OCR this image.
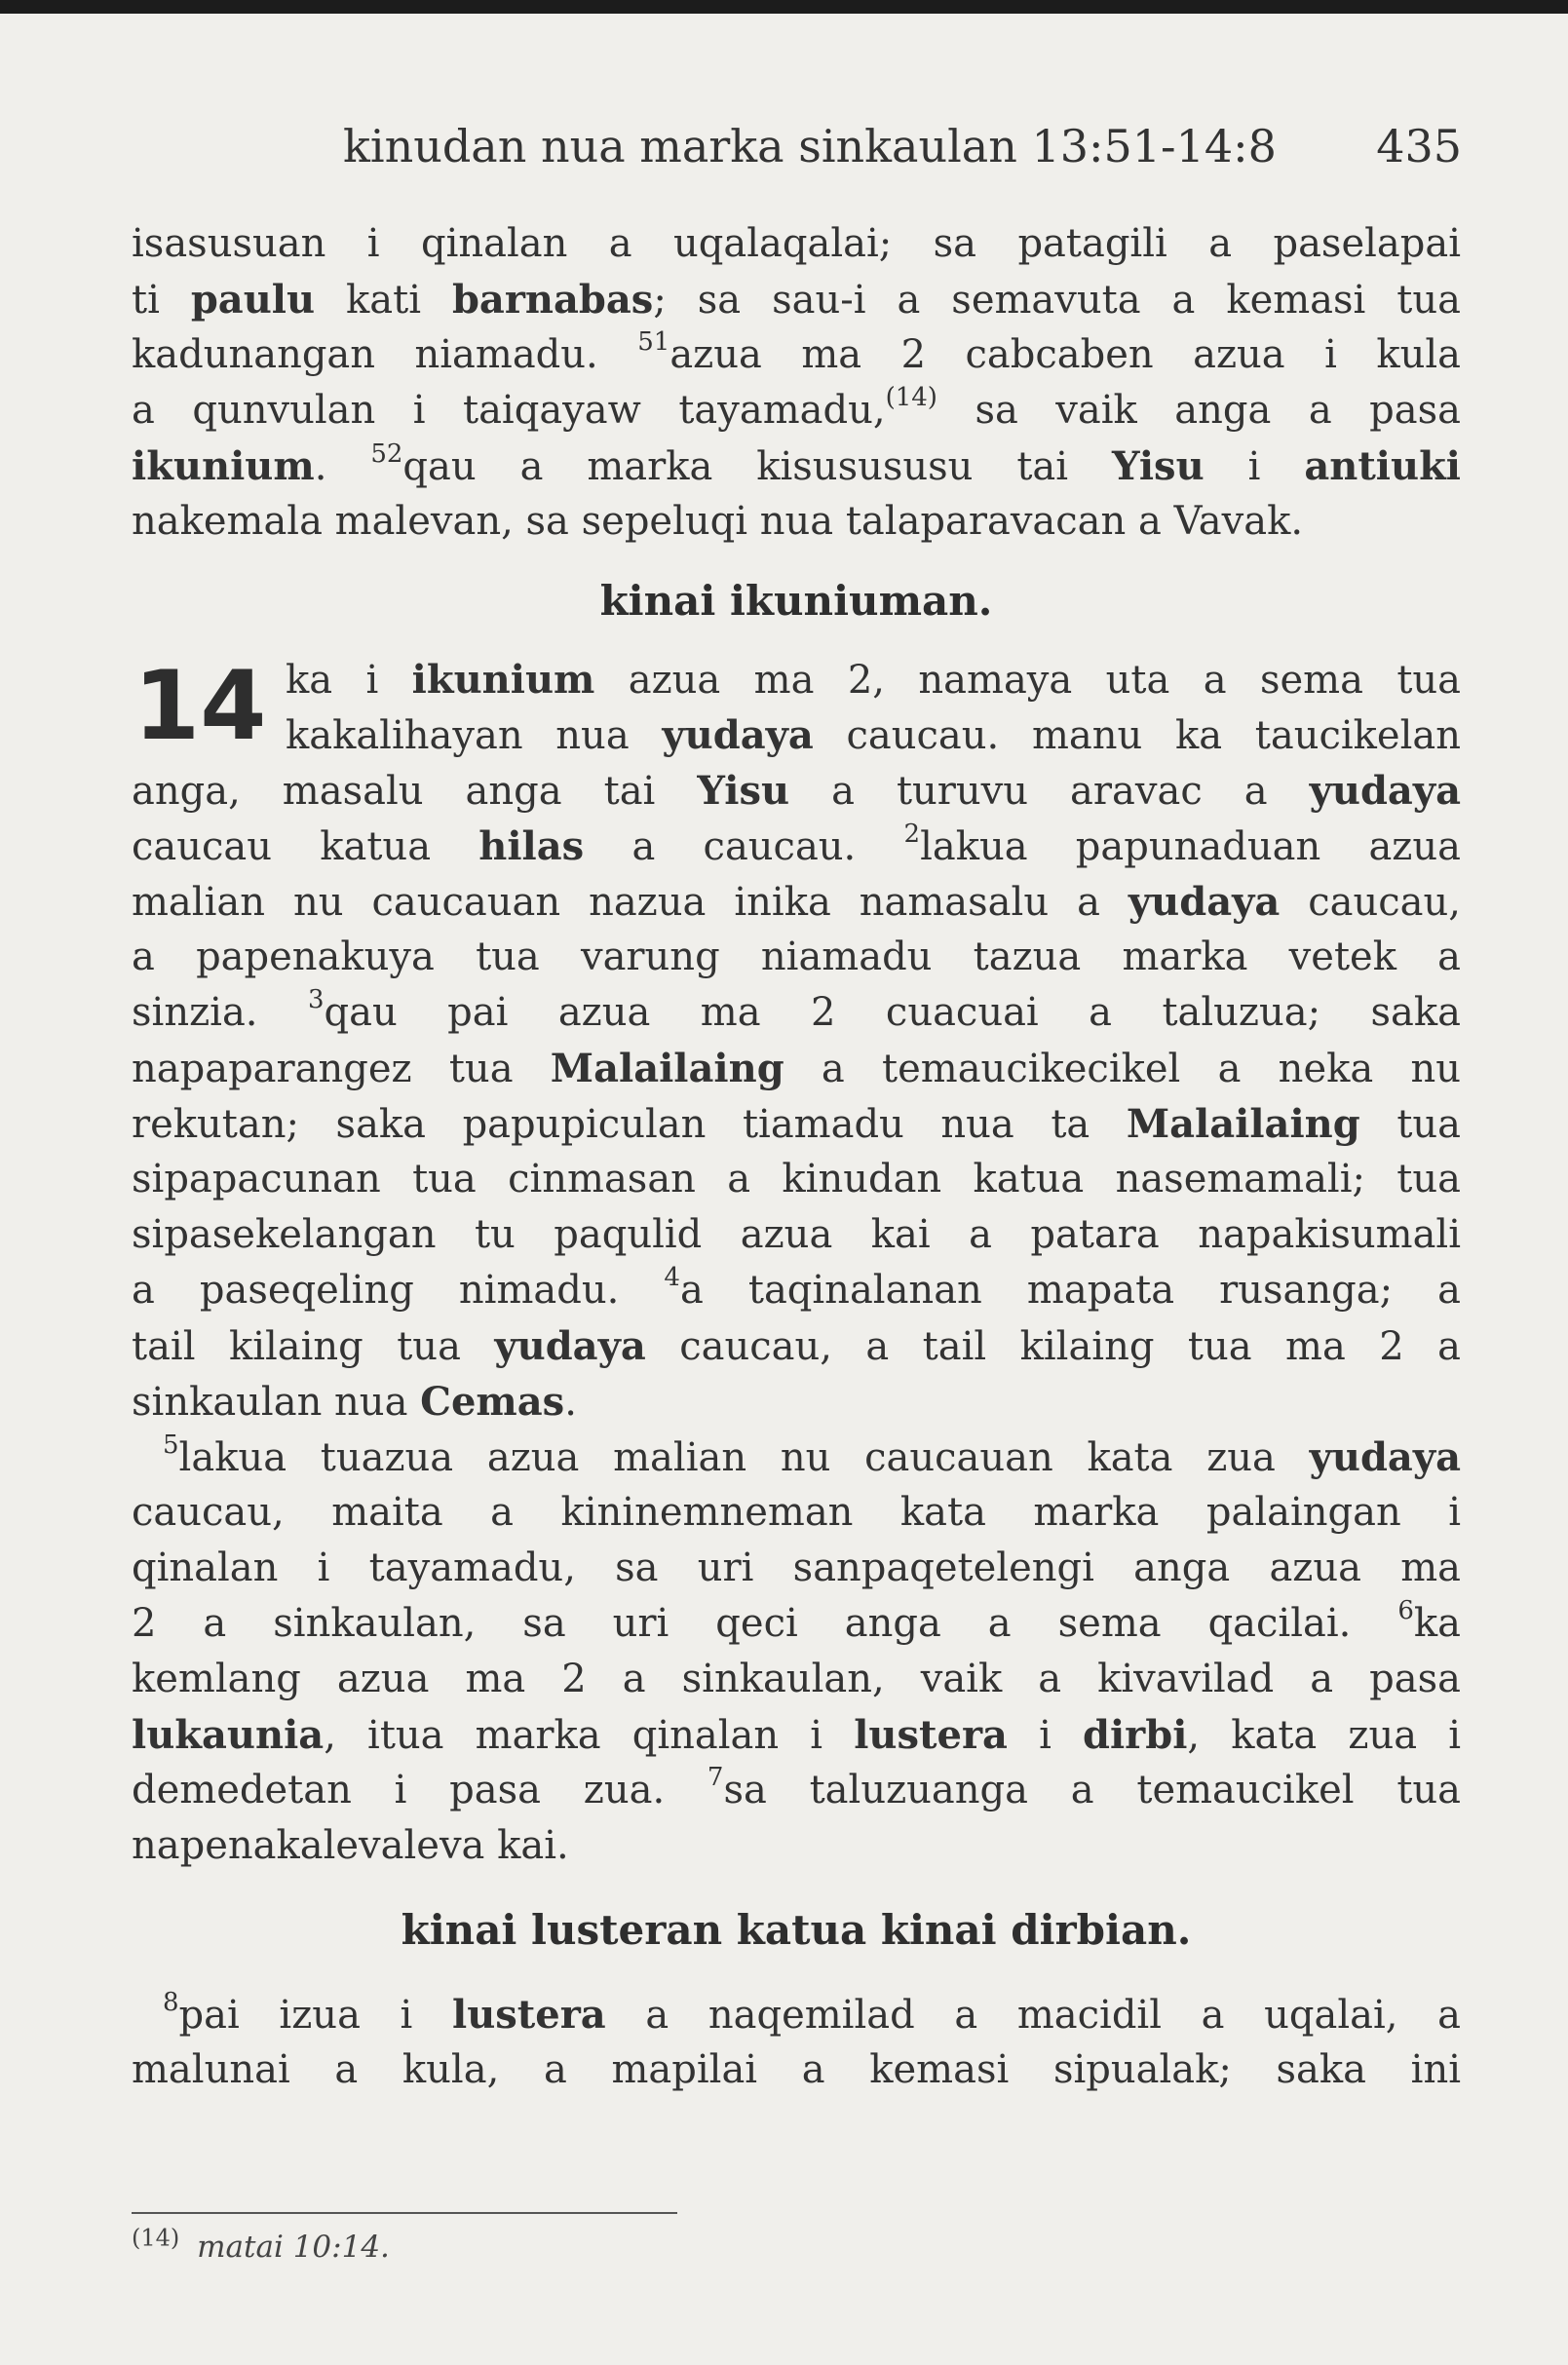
kinudan nua marka sinkaulan 13:51-14:8 435
isasusuan i qinalan a uqalaqalai; sa patagili a paselapai
ti paulu kati barnabas; sa sau-i a semavuta a kemasi tua
kadunangan niamadu. $^{51}$azua ma 2 cabcaben azua i kula
a qunvulan i taiqayaw tayamadu,$^{(14)}$ sa vaik anga a pasa
ikunium. $^{52}$qau a marka kisusususu tai Yisu i antiuki
nakemala malevan, sa sepeluqi nua talaparavacan a Vavak.
kinai ikuniuman.
14 ka i ikunium azua ma 2, namaya uta a sema tua
kakalihayan nua yudaya caucau. manu ka taucikelan
anga, masalu anga tai Yisu a turuvu aravac a yudaya
caucau katua hilas a caucau. $^2$lakua papunaduan azua
malian nu caucauan nazua inika namasalu a yudaya caucau,
a papenakuya tua varung niamadu tazua marka vetek a
sinzia. $^3$qau pai azua ma 2 cuacuai a taluzua; saka
napaparangez tua Malailaing a temaucikecikel a neka nu
rekutan; saka papupiculan tiamadu nua ta Malailaing tua
sipapacunan tua cinmasan a kinudan katua nasemamali; tua
sipasekelangan tu paqulid azua kai a patara napakisumali
a paseqeling nimadu. $^4$a taqinalanan mapata rusanga; a
tail kilaing tua yudaya caucau, a tail kilaing tua ma 2 a
sinkaulan nua Cemas.
$^5$lakua tuazua azua malian nu caucauan kata zua yudaya
caucau, maita a kininemneman kata marka palaingan i
qinalan i tayamadu, sa uri sanpaqetelengi anga azua ma
2 a sinkaulan, sa uri qeci anga a sema qacilai. $^6$ka
kemlang azua ma 2 a sinkaulan, vaik a kivavilad a pasa
lukaunia, itua marka qinalan i lustera i dirbi, kata zua i
demedetan i pasa zua. $^7$sa taluzuanga a temaucikel tua
napenakalevaleva kai.
kinai lusteran katua kinai dirbian.
$^8$pai izua i lustera a naqemilad a macidil a uqalai, a
malunai a kula, a mapilai a kemasi sipualak; saka ini
$^{(14)}$ matai 10:14.
